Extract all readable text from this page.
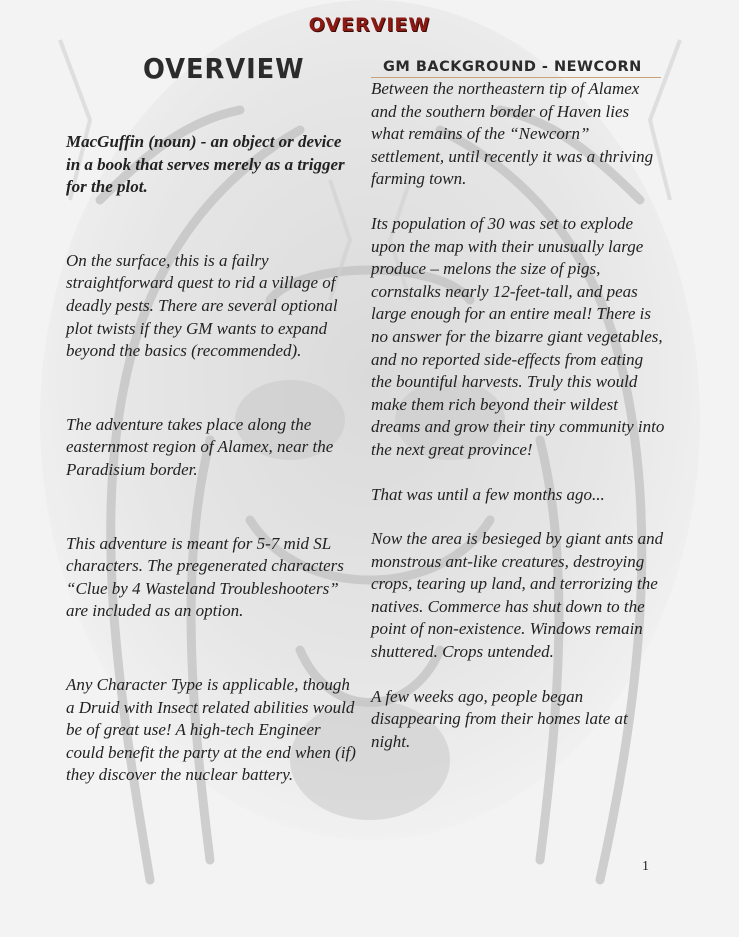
OVERVIEW
OVERVIEW

MacGuffin (noun) - an object or device in a book that serves merely as a trigger for the plot.

On the surface, this is a failry straightforward quest to rid a village of deadly pests. There are several optional plot twists if they GM wants to expand beyond the basics (recommended).

The adventure takes place along the easternmost region of Alamex, near the Paradisium border.

This adventure is meant for 5-7 mid SL characters. The pregenerated characters “Clue by 4 Wasteland Troubleshooters” are included as an option.

Any Character Type is applicable, though a Druid with Insect related abilities would be of great use! A high-tech Engineer could benefit the party at the end when (if) they discover the nuclear battery.

GM BACKGROUND - NEWCORN

Between the northeastern tip of Alamex and the southern border of Haven lies what remains of the “Newcorn” settlement, until recently it was a thriving farming town.

Its population of 30 was set to explode upon the map with their unusually large produce – melons the size of pigs, cornstalks nearly 12-feet-tall, and peas large enough for an entire meal! There is no answer for the bizarre giant vegetables, and no reported side-effects from eating the bountiful harvests. Truly this would make them rich beyond their wildest dreams and grow their tiny community into the next great province!

That was until a few months ago...

Now the area is besieged by giant ants and monstrous ant-like creatures, destroying crops, tearing up land, and terrorizing the natives. Commerce has shut down to the point of non-existence. Windows remain shuttered. Crops untended.

A few weeks ago, people began disappearing from their homes late at night.

1
